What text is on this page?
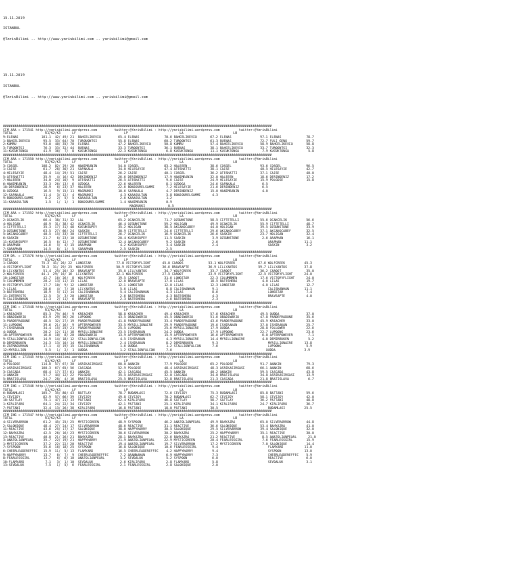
15.11.2019

ISTANBUL

@TarisBilimi -- http://www.yarisbilimi.com -- yarisbilimi@gmail.com

15.11.2019

ISTANBUL

@TarisBilimi -- http://www.yarisbilimi.com -- yarisbilimi@gmail.com

############################################################################################################################################
CIM ARA = 171541 http://yarisbilimi.wordpress.com         twitter:@YarisBilimi : http://yarisbilimi.wordpress.com          twitter:@YarisBilimi
TOTAL                 K1/K2/K3      LF                         LP                           LA                          LB
9:ELENAS            101.1  42/ 49/ 21  BAHCELIKEVIO         65.4 ELENAS             70.6 BAHCELIKEVIO       67.2 ELENAS               97.1 ELENAS             78.7
1:BAHCELIKEVIO       95.5  33/ 64/ 70  TURQUONTSI           55.8 ELENAS             60.2 TURQONTSI          61.3 BUENAS               72.7 FULI GENO          59.7
2:KUMRU              93.0  40/ 35/ 70  ELENAS               47.2 BAHCELIKEVIO       50.8 KUMRU              57.4 BAHCELIKEVIO         58.9 BAHCELIKEVIO       58.8
3:TURQONTSI          76.3  33/ 32/ 44  BUENAS               33.3 TURQONTSI          36.1 BUENAS             38.1 BAHCELIKEVIO         33.7 TURQONTSI          32.3
11:KUCUKTONGA        41.9  36/  7/  8  KUCUKTONGA           22.3 KUCUKTONGA          6.8 KUCUKTONGA         11.1 KUCUKTONGA            7.9 KUCUKTONGA          5.8
############################################################################################################################################
CIM ARA = 171550 http://yarisbilimi.wordpress.com         twitter:@YarisBilimi : http://yarisbilimi.wordpress.com          twitter:@YarisBilimi
TOTAL                 K1/K2/K3      LF                         LP                           LA                          LB
3:COSGEL            108.2  82/ 29/ 20  HANIMEANIN           54.0 COSGEL             83.2 HALEEEN            38.6 COSGEL               93.6 COSGEL             96.5
1:CAISE              61.7  28/ 30/ 21  SAPAKALA             34.0 HILESAYIE          47.4 ATESHATTI          38.1 CAISE                40.5 HILESAYIE          42.7
4:HILESAYIE          48.4  14/ 29/ 51  CAISE                26.2 CAISE              40.1 COSGEL             36.2 ATESHATTI            37.1 CAISE              40.0
5:ATESHATTI          35.9   4/ 16/ 42  DEKINDENIZ           26.6 DERINDENIZ         17.9 HANIMEANIN         32.0 HALEEEN              18.6 DERINDENIZ         17.2
7:HALEEEN            34.0  24/ 10/  9  ATESHATTI            26.5 ATESHATTI           9.6 CAISE              24.9 HILESAYIE            15.9 POLGOSE            15.8
6:HANIMEANIN         33.3  26/ 13/  6  OZDOGA               22.6 HALEEEN             8.1 OZDOGA             24.6 SAPAKALA              6.5
10:DERINDENIZ        28.9   6/ 23/ 37  HALEEEN              22.6 BONJOURELSAMMI      7.2 HILESAYIE          21.6 DERINDENIZ            6.5
8:OZDOGA             16.5   9/ 15/ 11  MAGRUKKI             10.6 SAPAKALA            4.7 DERINDENIZ         15.0 HANIMEANIN            4.0
12:SAPAKALA          11.4   3/ 12/  4  MAGRUKKI              4.3 KARASULTAN          3.8 BONJOURELSAMMI      4.3
9:BONJOURELSAMMI      6.2   2/  5/  5  KARASULTAN            2.6 KARASULTAN          1.2
11:KARASULTAN         1.5   1/  1/  1  BONJOURELSAMMI        1.4 HANIMEANIN          0.9
MAGRUKKI            0.5
############################################################################################################################################
CIM ARA = 171552 http://yarisbilimi.wordpress.com         twitter:@YarisBilimi : http://yarisbilimi.wordpress.com          twitter:@YarisBilimi
TOTAL                 K1/K2/K3      LF                         LP                           LA                          LB
2:OCAKCELIK          66.4  38/ 31/ 32  LAL                  65.2 OCAKCELIK          71.7 OZGUNSTONE         58.5 CIFTETELLI           55.6 OCAKCELIK          56.6
4:HOLIGAN            48.9  31/ 38/ 42  UCAKCELIK            46.4 OZGUNSTONE         59.2 HOLIGAN            49.9 OCAKCELIK            55.9 CIFTETELLI         48.7
1:CIFTETELLI         35.3  17/ 31/ 48  KUCUKSUPEY           35.2 HOLIGAN            38.5 AKCAKOCABEY        44.0 HOLIGAN              39.5 OZGUNSTONE         33.9
3:OZGUNSTONE         63.5  27/ 66/ 24  SASKIN               30.9 CIFTETELLI         24.6 CIFTETELLI         29.6 AKCAKOCABEY          37.1 AKCAKOCABEY        32.5
5:AKCAKOCABEY        40.5  15/ 33/ 30  CIFTETELLI           26.7 OCAKCELIK          16.9 OCAKCELIK          26.6 SASKIN               23.7 HOLIGAN            32.4
6:SASKIN             21.7   6/ 23/ 10  OZGUNSTONE           20.4 KUCUKSUPEY         11.5 SASKIN              3.9 OZGUNSTONE            2.6 ARAPHAN            16.1
11:KUCUKSUPEY        16.5   6/ 12/  7  OZGUNSTONE           12.4 AKCAKOCABEY         9.2 SASKIN              2.6                          ARAPHAN            11.1
8:ARAPHAN            14.6   5/  4/ 15  ARAPHAN               4.2 KUCUKSUPEY          3.4 SASKIN              2.4                          SASKIN              3.2
7:SARAPHAN           14.5   8/  1/  5  SARAPHAN              2.5 SASKIN              2.5
############################################################################################################################################
CIM DR. = 171576 http://yarisbilimi.wordpress.com         twitter:@YarisBilimi : http://yarisbilimi.wordpress.com          twitter:@YarisBilimi
TOTAL                 K1/K2/K3      LF                         LP                           LA                          LB
1:CAROOS            75.3  41/ 26/ 22  LONGSTAR             77.0 VICTORYFLIGHT      45.0 CAROOS             53.1 WOLFCREEK            67.6 WOLFCREEK          45.3
4:VICTORYFLIGHT     70.3  31/ 29/ 25  WOLFCREEK            50.9 VICTORYFLIGHT      36.6 BRAVEAPTE          36.9 LILLYANTOS           59.7 LILLYANTOS         37.8
8:LILYANTUS          51.4  25/ 20/ 32  BRAVEAPTE            35.0 LILLYANTOS         34.7 WOLFCREEK          33.7 CAROOT               36.2 CAROOT             35.0
2:WOLFCREEK         44.1  29/ 16/ 16  LILYANTUS            32.1 WOLFCREEK          27.5 CAROOT             23.9 VICTORYFLIGHT        22.5 VICTORYFLIGHT      24.0
10:LONGSTAR          42.7  16/ 26/  8  WOLFCREEK            19.5 CAROOT             31.6 LONGSTAR           22.3 COLUMBMEN            17.6 VICTORYFLIGHT      24.0
5:COLUMBMEN          20.2  13/ 11/ 15  LILAS                12.0 BRAVEAPTE          17.0 LILAS              18.5 BATESHEBA             4.0 LILAS              19.7
6:VICTORYFLIGHT      17.7  10/  9/ 12  LONGSTAR             12.1 LONGSTAR           12.0 LILAS              12.3 LONGSTAR              4.0 LILAS              12.7
7:LILAS              20.6   4/  7/ 10  LILYANTUS             5.6 LILAS               8.8 CALISHANHAN         9.1                          CALISHANHAN        11.1
3:BATESHEBA          18.9   5/ 11/ 14  CALISHANHAN           5.4 CALISHANHAN         4.3 LILAS               8.6                          LONGSTAR            7.4
11:INTERESTS         12.5   3/  3/ 20  LONGSTAR              2.6 BATESHEBA           4.3 BATESHEBA           4.3                          BRAVEAPTE           4.0
9:CALISHANHAN        11.3   2/ 11/  6  BRAVEAPTE             2.3 BATESHEBA           2.6 BATESHEBA           2.3
############################################################################################################################################
CIM ING = 171548 http://yarisbilimi.wordpress.com         twitter:@YarisBilimi : http://yarisbilimi.wordpress.com          twitter:@YarisBilimi
TOTAL                 K1/K2/K3      LF                         LP                           LA                          LB
1:KREACHER           85.3  79/ 46/  9  KREACHER             58.8 KREACHER           49.4 KREACHER           57.6 KREACHER             49.5 OUDDA              37.0
5:OBADIWARIO         63.9  29/ 56/ 26  LUPOONG              43.5 OBADIWARIO         45.5 OBADIWARIO         51.6 OBADIWARIO           47.8 PARDEFRADONE       35.6
3:PARDEFRADONE       48.5  32/ 27/ 19  PARDEFRADONE         41.8 PARDEFRADONE       33.4 PARDEFRADONE       43.6 PARDEFRADONE         45.9 KREACHER           33.0
11:LUPOONG           39.6  21/ 16/  9  APTERPOWEVER         33.5 MYRILLIONAIRE      29.9 PARDEFRADONE       19.6 ISHIRAKAN            37.0 ISHIRAKAN          25.7
7:ISHIRAKAN          34.4  15/ 25/ 21  PARDEFRADONE         25.5 LUPOONG            25.6 MYRILLIONAIRE      17.9 OUDDA                28.8 FOLLOWER           22.6
4:OUDDA              20.2  12/ 11/ 18  MYRILLIONAIRE        23.5 ISHIRAKAN          24.2 OUDDA              17.9 LUPOONG              22.7 LUPOONG            23.6
10:APTERPOWEVER      16.0  10/  8/ 20  OBADIWARIO           13.9 APTERPOWEVER       15.9 APTERPOWEVER       16.6 APTERPOWEVER          6.0 APTERPOWEVER        7.1
9:STALLIONFALCON     14.9  14/ 18/ 12  STALLIONFALCON        4.5 ISHIRAKAN           4.3 MYRILLIONAIRE      14.4 MYRILLIONAIRE         4.0 DEMIRBUKEN          5.2
8:DEMIRBUKEN         24.3  13/ 10/ 14  MYRILLIONAIRE         2.4 ISHIRAKAN           8.2 DEMIRBUKEN          9.3                          MYRILLIONAIRE      13.8
6:ZATMAGURHAN        17.1   4/ 19/ 15  CALISHANHAN           1.6 OUDDA               1.2 STALLIONFALCON      7.6                          LUPOONG             5.9
12:MYRILLION          5.5   1/  2/  1  OUDDA                 1.2 STALLIONFALCON      7.6                                                 OUDDA               3.9
############################################################################################################################################
CIM ING = 171545 http://yarisbilimi.wordpress.com         twitter:@YarisBilimi : http://yarisbilimi.wordpress.com          twitter:@YarisBilimi
TOTAL                 K1/K2/K3      LF                         LP                           LA                          LB
4:POLGOSE           114.0  57/ 67/ 30  ASRIKASIRGASI        60.0 ANAKIN             77.9 POLGOSE            65.2 POLGOSE              91.7 ANAKIN             79.3
2:ASRIKASIRGASI     100.3  67/ 65/ 56  CASCADA              52.9 POLGOSE            48.4 ASRIKASIRGASI      48.3 ASRIKASIRGASI        66.1 ANAKIN             68.6
3:CASCADA            68.4  17/ 37/ 61  ANAKIN               42.1 CASCADA            45.5 ANAKIN             40.2 ANAKIN               59.5 CASCADA            43.8
1:ANAKIN             57.7  44/ 12/ 22  POLGOSE              35.5 ASRIKASIRGASI      32.0 CASCADA            34.0 BRATISLAVA           34.8 ASRIKASIRGASI      13.9
5:BRATISLAVA         24.7  28/  4/ 16  BRATISLAVA           25.5 BRATISLAVA         32.8 BRATISLAVA         21.3 CASCADA              21.8 BRATISLAVA          6.7
############################################################################################################################################
CIM ING = 171546 http://yarisbilimi.wordpress.com         twitter:@YarisBilimi : http://yarisbilimi.wordpress.com          twitter:@YarisBilimi
TOTAL                 K1/K2/K3      LF                         LP                           LA                          LB
6:BUDAMLASI         105.7  35/ 80/ 43  BATTLAY              78.7 BUDAMLASI          72.6 CEVIZOY            75.3 BUDAMLASI            85.8 BATTANI            59.6
2:CEVIZOY            82.9  57/ 66/ 39  CEVIZOY              49.8 CEVIZOY            70.2 BUDAMLASI          62.7 CEVIZOY              58.1 CEVIZOY            42.0
10:SATTLAY           75.1  47/ 21/ 13  PATTANI              62.4 KIRLIFARO          46.8 SATTLAY            58.7 SATTLAY              36.2 PATTANI            48.8
1:KIRLIFARO          64.1  24/ 22/ 34  CEVIZOY              42.1 PATTANI            25.1 KIRLIFARO          34.1 KIRLIFARO            24.7 KIRLIFARO          36.7
7:PATTANI            32.4  13/ 26/ 38  KIRLIFARO            16.8 PATTANI            18.0 PATTANI            30.5                          BUDAMLASI          25.5
############################################################################################################################################
CIM ING = 171547 http://yarisbilimi.wordpress.com         twitter:@YarisBilimi : http://yarisbilimi.wordpress.com          twitter:@YarisBilimi
TOTAL                 K1/K2/K3      LF                         LP                           LA                          LB
4:SILVERARROW        61.2  45/ 25/ 25  MYSTICGREEN          48.9 SYSPOON            46.2 ANATOLIANPEARL     49.9 BAHYAZRA             65.0 SILVERARROW        44.8
2:SALONIQUE          48.4  27/ 24/ 17  SILVERARROW          48.6 REACTIVE           31.1 REACTIVE           36.6 SALONIQUE            53.4 BAHYAZRA           41.0
11:REACTIVE          43.6  25/ 17/ 17  SALONIQUE            38.0 HAPPYHARRY         30.5 SALONIQUE          29.5 SILVERARROW          39.4 SALONIQUE          32.0
12:BAHYAZRA          42.5  26/ 16/ 23  MYSTICGREEN          30.6 SILVERARROW        30.2 BAHYAZRA           25.2 HAPPYHARRY           35.1 REACTIVE           30.0
13:REACTIVE          40.0  21/ 26/ 21  BAHYAZRA             28.1 BAHYAZRA           22.6 BAHYAZRA           21.2 REACTIVE              8.5 ANATOLIANPEARL      21.0
3:ANATOLIANPEARL     35.7  22/ 19/ 21  HAPPYHARRY           21.9 ANATOLIANPEARL     22.9 MYSTICGREEN        20.4 FEARLESSGIRL          7.6 FEARLESSGIRL       15.9
1:MYSTICGREEN        37.2  22/ 22/ 20  REACTIVE             19.4 ANATOLIANPEARL     19.7 SILVERARROW        17.2 MYSTICGREEN           7.0 SALONIQUE          14.4
7:SYSPOON            35.6  16/ 18/ 25  SYSPOON              16.8 SALONIQUE          10.6 FEARLESSGIRL        9.4                          FLAMYARD           11.0
6:CHEERLEADEREFFEC   15.9  11/  5/ 13  FLAMYARD             16.5 CHEERLEADEREFFEC    4.2 HAPPYHARRY          9.4                          SYSPOON            13.0
9:HAPPYHARRY         13.7   6/  7/  9  CHEERLEADEREFFEC      7.2 ARANNAHAN           6.9 HAPPYHARRY          7.3                          CHEERLEADEREFFEC    5.9
8:FEARLESSGIRL       13.7   6/  6/ 10  ANATOLIANPEARL        3.2 SEVDALUK            5.2 SYSPOON             6.0                          REACTIVE            6.0
10:FLAMYARD           7.1   3/  1/ 10  SEVDALUK              2.6 KIRLIFARO           2.8 FLAMYARD            5.8                          SEVDALUK            3.1
13:SEVDALUK           7.5   1/  5/  6  FEARLESSGIRL          2.1 FEARLESSGIRL        2.8 SALONIQUE           2.0
